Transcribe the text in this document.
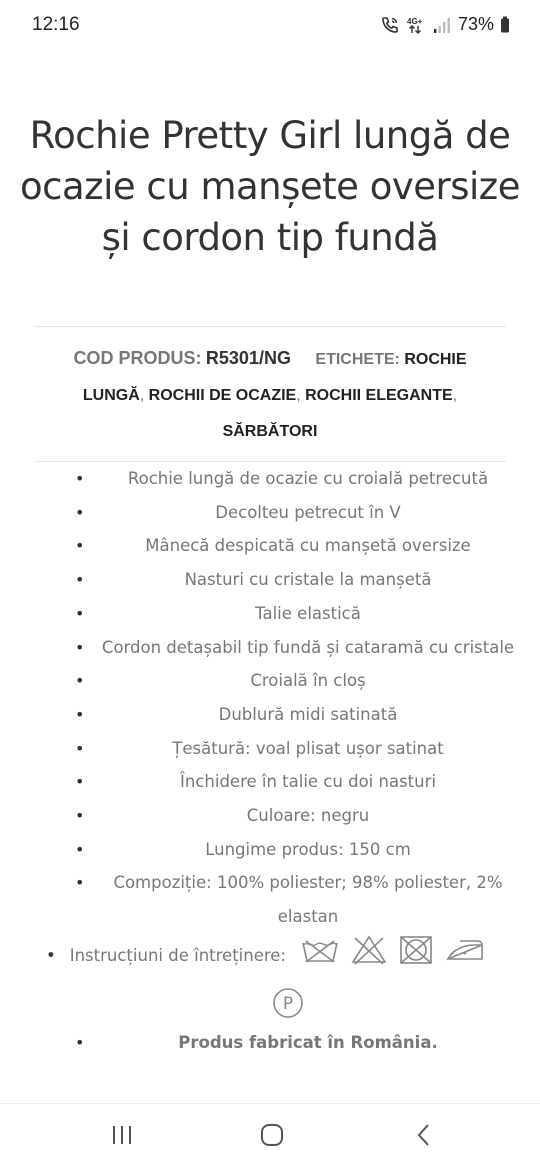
12:16	4G+ 73%
Rochie Pretty Girl lungă de ocazie cu manșete oversize și cordon tip fundă
COD PRODUS: R5301/NG ETICHETE: ROCHIE LUNGĂ, ROCHII DE OCAZIE, ROCHII ELEGANTE,
SĂRBĂTORI
•	Rochie lungă de ocazie cu croială petrecută
•	Decolteu petrecut în V
•	Mânecă despicată cu manșetă oversize
•	Nasturi cu cristale la manșetă
•	Talie elastică
• Cordon detașabil tip fundă și cataramă cu cristale
•	Croială în cloș
•	Dublură midi satinată
•	Țesătură: voal plisat ușor satinat
•	Închidere în talie cu doi nasturi
•	Culoare: negru
•	Lungime produs: 150 cm
• Compoziție: 100% poliester; 98% poliester, 2% elastan
• Instrucțiuni de întreținere:
P
•	Produs fabricat în România.
